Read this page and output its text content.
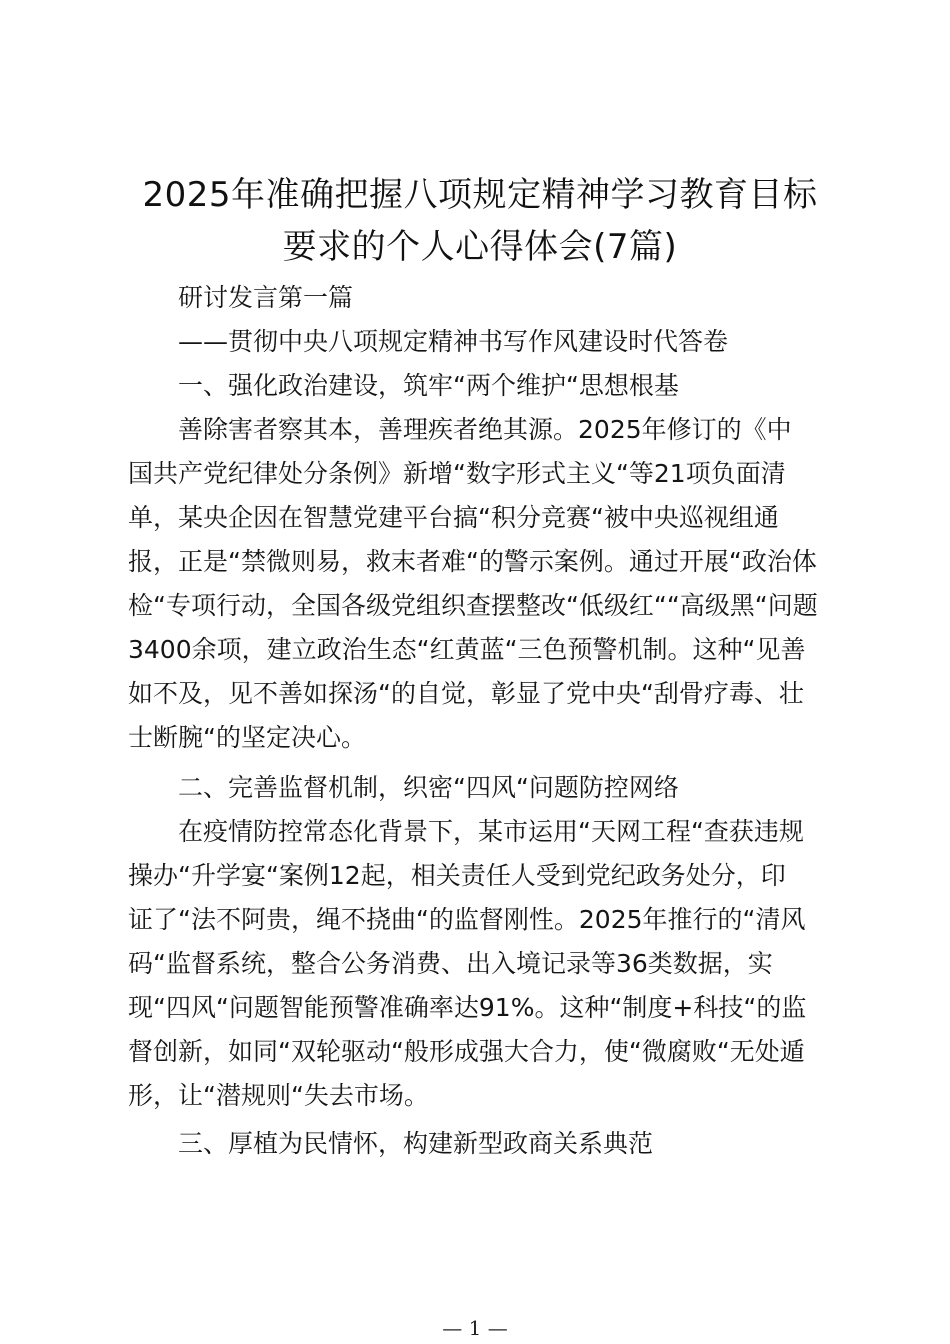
2025年准确把握八项规定精神学习教育目标
要求的个人心得体会(7篇)
研讨发言第一篇
——贯彻中央八项规定精神书写作风建设时代答卷
一、强化政治建设，筑牢“两个维护“思想根基
善除害者察其本，善理疾者绝其源。2025年修订的《中
国共产党纪律处分条例》新增“数字形式主义“等21项负面清
单，某央企因在智慧党建平台搞“积分竞赛“被中央巡视组通
报，正是“禁微则易，救末者难“的警示案例。通过开展“政治体
检“专项行动，全国各级党组织查摆整改“低级红““高级黑“问题
3400余项，建立政治生态“红黄蓝“三色预警机制。这种“见善
如不及，见不善如探汤“的自觉，彰显了党中央“刮骨疗毒、壮
士断腕“的坚定决心。
二、完善监督机制，织密“四风“问题防控网络
在疫情防控常态化背景下，某市运用“天网工程“查获违规
操办“升学宴“案例12起，相关责任人受到党纪政务处分，印
证了“法不阿贵，绳不挠曲“的监督刚性。2025年推行的“清风
码“监督系统，整合公务消费、出入境记录等36类数据，实
现“四风“问题智能预警准确率达91%。这种“制度+科技“的监
督创新，如同“双轮驱动“般形成强大合力，使“微腐败“无处遁
形，让“潜规则“失去市场。
三、厚植为民情怀，构建新型政商关系典范
— 1 —
